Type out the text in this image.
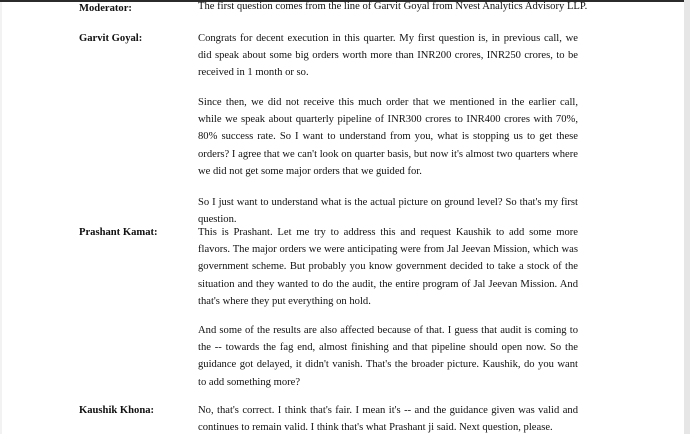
Moderator:	The first question comes from the line of Garvit Goyal from Nvest Analytics Advisory LLP.
Garvit Goyal:	Congrats for decent execution in this quarter. My first question is, in previous call, we did speak about some big orders worth more than INR200 crores, INR250 crores, to be received in 1 month or so.
Since then, we did not receive this much order that we mentioned in the earlier call, while we speak about quarterly pipeline of INR300 crores to INR400 crores with 70%, 80% success rate. So I want to understand from you, what is stopping us to get these orders? I agree that we can't look on quarter basis, but now it's almost two quarters where we did not get some major orders that we guided for.
So I just want to understand what is the actual picture on ground level? So that's my first question.
Prashant Kamat:	This is Prashant. Let me try to address this and request Kaushik to add some more flavors. The major orders we were anticipating were from Jal Jeevan Mission, which was government scheme. But probably you know government decided to take a stock of the situation and they wanted to do the audit, the entire program of Jal Jeevan Mission. And that's where they put everything on hold.
And some of the results are also affected because of that. I guess that audit is coming to the -- towards the fag end, almost finishing and that pipeline should open now. So the guidance got delayed, it didn't vanish. That's the broader picture. Kaushik, do you want to add something more?
Kaushik Khona:	No, that's correct. I think that's fair. I mean it's -- and the guidance given was valid and continues to remain valid. I think that's what Prashant ji said. Next question, please.
